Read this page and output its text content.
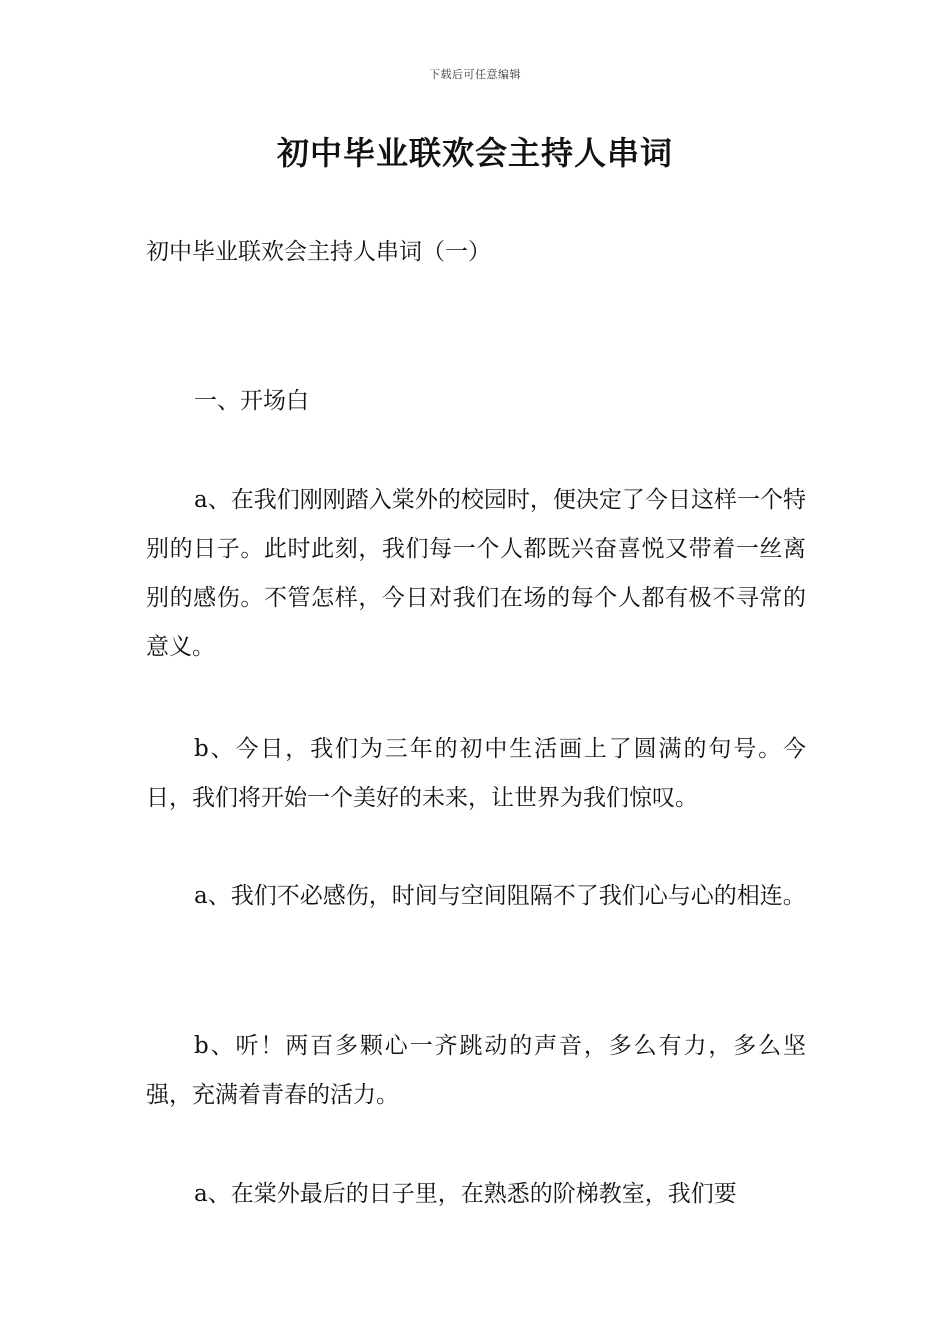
下载后可任意编辑
初中毕业联欢会主持人串词
初中毕业联欢会主持人串词（一）
一、开场白
a、在我们刚刚踏入棠外的校园时，便决定了今日这样一个特别的日子。此时此刻，我们每一个人都既兴奋喜悦又带着一丝离别的感伤。不管怎样，今日对我们在场的每个人都有极不寻常的意义。
b、今日，我们为三年的初中生活画上了圆满的句号。今日，我们将开始一个美好的未来，让世界为我们惊叹。
a、我们不必感伤，时间与空间阻隔不了我们心与心的相连。
b、听！两百多颗心一齐跳动的声音，多么有力，多么坚强，充满着青春的活力。
a、在棠外最后的日子里，在熟悉的阶梯教室，我们要
